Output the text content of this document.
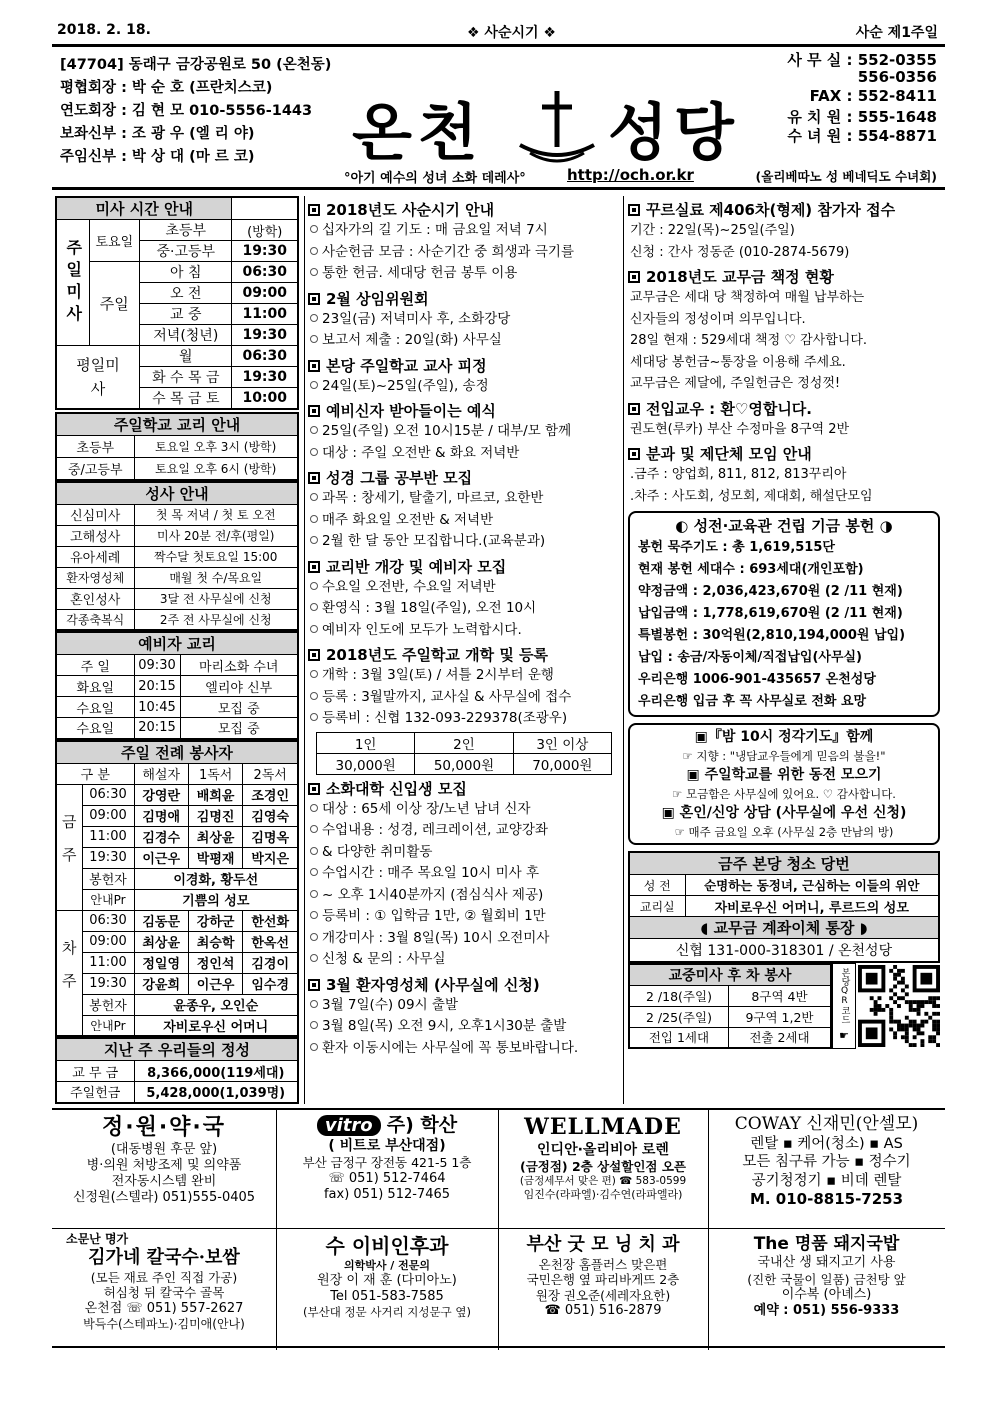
2018. 2. 18.	❖ 사순시기 ❖	사순 제1주일
[47704] 동래구 금강공원로 50 (온천동)
평협회장 : 박 순 호 (프란치스코)
연도회장 : 김 현 모 010-5556-1443
보좌신부 : 조 광 우 (엘 리 야)
주임신부 : 박 상 대 (마 르 코) 온천 성당
°아기 예수의 성녀 소화 데레사°	http://och.or.kr
사 무 실 : 552-0355
556-0356
FAX : 552-8411
유 치 원 : 555-1648
수 녀 원 : 554-8871
(올리베따노 성 베네딕도 수녀회)
미사 시간 안내			
주일미사	토요일	초등부	(방학)
		중·고등부	19:30
	주일	아 침	06:30
		오 전	09:00
		교 중	11:00
		저녁(청년)	19:30
평일미사		월	06:30
		화 수 목 금	19:30
		수 목 금 토	10:00
주일학교 교리 안내	
초등부	토요일 오후 3시 (방학)
중/고등부	토요일 오후 6시 (방학)
성사 안내	
신심미사	첫 목 저녁 / 첫 토 오전
고해성사	미사 20분 전/후(평일)
유아세례	짝수달 첫토요일 15:00
환자영성체	매월 첫 수/목요일
혼인성사	3달 전 사무실에 신청
각종축복식	2주 전 사무실에 신청
예비자 교리		
주 일	09:30	마리소화 수녀
화요일	20:15	엘리야 신부
수요일	10:45	모집 중
수요일	20:15	모집 중
주일 전례 봉사자				
구 분		해설자	1독서	2독서
금주	06:30	강영란	배희윤	조경인
	09:00	김명애	김명진	김영숙
	11:00	김경수	최상윤	김명옥
	19:30	이근우	박평재	박지은
	봉헌자	이경화, 황두선		
	안내Pr	기쁨의 성모		
차주	06:30	김동문	강하군	한선화
	09:00	최상윤	최승학	한옥선
	11:00	정일영	정인석	김경이
	19:30	강윤희	이근우	임수경
	봉헌자	윤종우, 오인순		
	안내Pr	자비로우신 어머니		
지난 주 우리들의 정성	
교 무 금	8,366,000(119세대)
주일헌금	5,428,000(1,039명)
2018년도 사순시기 안내
십자가의 길 기도 : 매 금요일 저녁 7시
사순헌금 모금 : 사순기간 중 희생과 극기를
통한 헌금. 세대당 헌금 봉투 이용
2월 상임위원회
23일(금) 저녁미사 후, 소화강당
보고서 제출 : 20일(화) 사무실
본당 주일학교 교사 피정
24일(토)~25일(주일), 송정
예비신자 받아들이는 예식
25일(주일) 오전 10시15분 / 대부/모 함께
대상 : 주일 오전반 & 화요 저녁반
성경 그룹 공부반 모집
과목 : 창세기, 탈출기, 마르코, 요한반
매주 화요일 오전반 & 저녁반
2월 한 달 동안 모집합니다.(교육분과)
교리반 개강 및 예비자 모집
수요일 오전반, 수요일 저녁반
환영식 : 3월 18일(주일), 오전 10시
예비자 인도에 모두가 노력합시다.
2018년도 주일학교 개학 및 등록
개학 : 3월 3일(토) / 셔틀 2시부터 운행
등록 : 3월말까지, 교사실 & 사무실에 접수
등록비 : 신협 132-093-229378(조광우)
1인	2인	3인 이상
30,000원	50,000원	70,000원
소화대학 신입생 모집
대상 : 65세 이상 장/노년 남녀 신자
수업내용 : 성경, 레크레이션, 교양강좌
& 다양한 취미활동
수업시간 : 매주 목요일 10시 미사 후
~ 오후 1시40분까지 (점심식사 제공)
등록비 : ① 입학금 1만, ② 월회비 1만
개강미사 : 3월 8일(목) 10시 오전미사
신청 & 문의 : 사무실
3월 환자영성체 (사무실에 신청)
3월 7일(수) 09시 출발
3월 8일(목) 오전 9시, 오후1시30분 출발
환자 이동시에는 사무실에 꼭 통보바랍니다.
꾸르실료 제406차(형제) 참가자 접수
기간 : 22일(목)~25일(주일)
신청 : 간사 정동준 (010-2874-5679)
2018년도 교무금 책정 현황
교무금은 세대 당 책정하여 매월 납부하는
신자들의 정성이며 의무입니다.
28일 현재 : 529세대 책정 ♡ 감사합니다.
세대당 봉헌금~통장을 이용해 주세요.
교무금은 제달에, 주일헌금은 정성껏!
전입교우 : 환♡영합니다.
권도현(루카) 부산 수정마을 8구역 2반
분과 및 제단체 모임 안내
.금주 : 양업회, 811, 812, 813꾸리아
.차주 : 사도회, 성모회, 제대회, 해설단모임
◐ 성전·교육관 건립 기금 봉헌 ◑
봉헌 묵주기도 : 총 1,619,515단
현재 봉헌 세대수 : 693세대(개인포함)
약정금액 : 2,036,423,670원 (2 /11 현재)
납입금액 : 1,778,619,670원 (2 /11 현재)
특별봉헌 : 30억원(2,810,194,000원 납입)
납입 : 송금/자동이체/직접납입(사무실)
우리은행 1006-901-435657 온천성당
우리은행 입금 후 꼭 사무실로 전화 요망
▣『밤 10시 정각기도』함께
☞ 지향 : "냉담교우들에게 믿음의 불을!"
▣ 주일학교를 위한 동전 모으기
☞ 모금함은 사무실에 있어요. ♡ 감사합니다.
▣ 혼인/신앙 상담 (사무실에 우선 신청)
☞ 매주 금요일 오후 (사무실 2층 만남의 방)
금주 본당 청소 당번	
성 전	순명하는 동정녀, 근심하는 이들의 위안
교리실	자비로우신 어머니, 루르드의 성모
◖ 교무금 계좌이체 통장 ◗	
신협 131-000-318301 / 온천성당	
교중미사 후 차 봉사	
2 /18(주일)	8구역 4반
2 /25(주일)	9구역 1,2반
전입 1세대	전출 2세대
본당QR코드
☛
정·원·약·국
(대동병원 후문 앞)
병·의원 처방조제 및 의약품
전자동시스템 완비
신정원(스텔라) 051)555-0405
vitro 주) 학산
( 비트로 부산대점)
부산 금정구 장전동 421-5 1층
☏ 051) 512-7464
fax) 051) 512-7465
WELLMADE
인디안·올리비아 로렌
(금정점) 2층 상설할인점 오픈
(금정세무서 맞은 편) ☎ 583-0599
임진수(라파엘)·김수연(라파엘라)
COWAY 신재민(안셀모)
렌탈 ▪ 케어(청소) ▪ AS
모든 침구류 가능 ▪ 정수기
공기청정기 ▪ 비데 렌탈
M. 010-8815-7253
소문난 명가
김가네 칼국수·보쌈
(모든 재료 주인 직접 가공)
허심청 뒤 칼국수 골목
온천점 ☏ 051) 557-2627
박득수(스테파노)·김미애(안나)
수 이비인후과
의학박사 / 전문의
원장 이 재 훈 (다미아노)
Tel 051-583-7585
(부산대 정문 사거리 지성문구 옆)
부산 굿 모 닝 치 과
온천장 홈플러스 맞은편
국민은행 옆 파리바게뜨 2층
원장 권오준(세레자요한)
☎ 051) 516-2879
The 명품 돼지국밥
국내산 생 돼지고기 사용
(진한 국물이 일품) 금천탕 앞
이수복 (아녜스)
예약 : 051) 556-9333
